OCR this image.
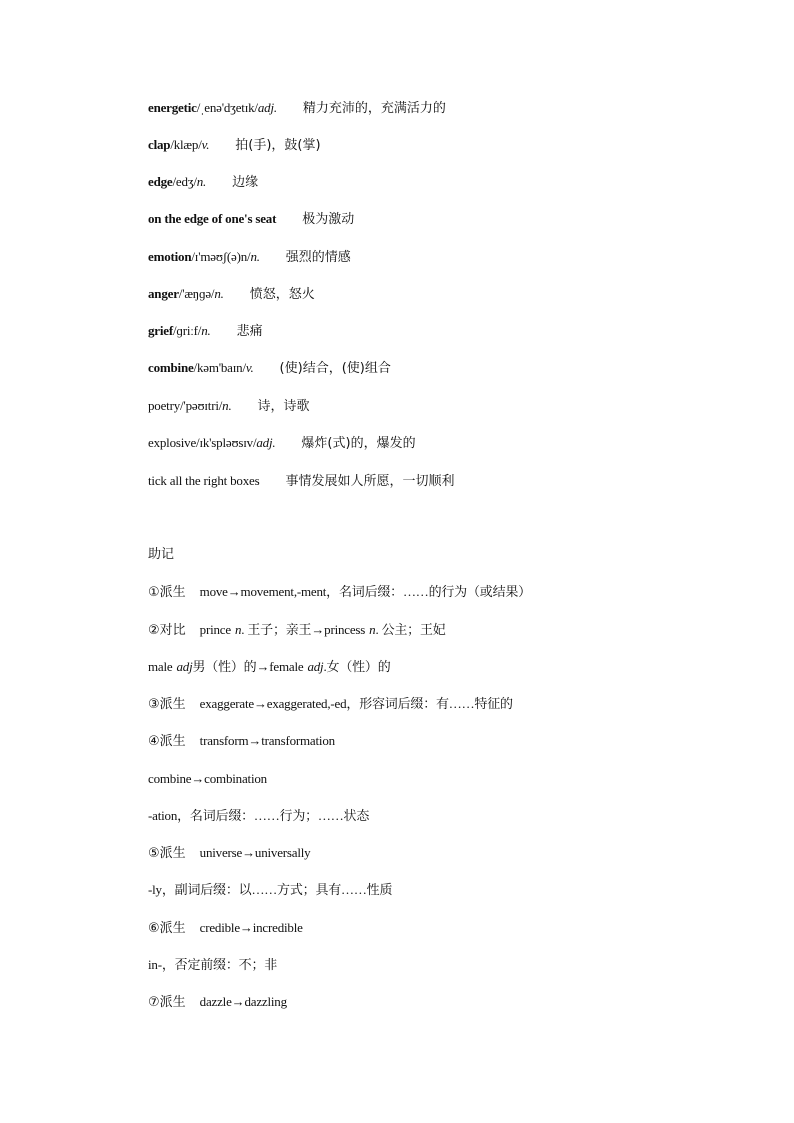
energetic/ˌenə'dʒetɪk/adj. 精力充沛的，充满活力的
clap/klæp/v. 拍(手)，鼓(掌)
edge/edʒ/n. 边缘
on the edge of one's seat 极为激动
emotion/ɪ'məʊʃ(ə)n/n. 强烈的情感
anger/'æŋɡə/n. 愤怒，怒火
grief/ɡriːf/n. 悲痛
combine/kəm'baɪn/v. (使)结合，(使)组合
poetry/'pəʊɪtri/n. 诗，诗歌
explosive/ɪk'spləʊsɪv/adj. 爆炸(式)的，爆发的
tick all the right boxes 事情发展如人所愿，一切顺利
助记
①派生 move→movement,-ment，名词后缀：……的行为（或结果）
②对比 prince n. 王子；亲王→princess n. 公主；王妃
male adj男（性）的→female adj.女（性）的
③派生 exaggerate→exaggerated,-ed，形容词后缀：有……特征的
④派生 transform→transformation
combine→combination
-ation，名词后缀：……行为；……状态
⑤派生 universe→universally
-ly，副词后缀：以……方式；具有……性质
⑥派生 credible→incredible
in-，否定前缀：不；非
⑦派生 dazzle→dazzling
